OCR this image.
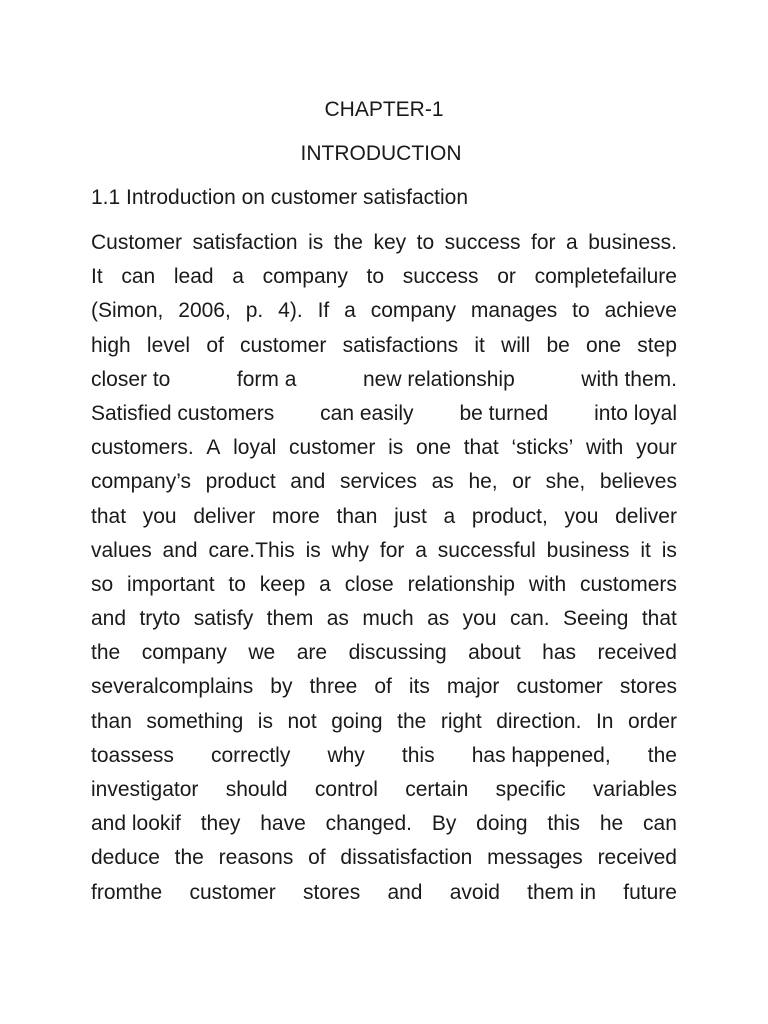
CHAPTER-1
INTRODUCTION
1.1 Introduction on customer satisfaction
Customer satisfaction is the key to success for a business.
It can lead a company to success or completefailure
(Simon, 2006, p. 4). If a company manages to achieve
high level of customer satisfactions it will be one step
closer to	form a	new relationship	with them.
Satisfied customers can easily be turned into loyal
customers. A loyal customer is one that ‘sticks’ with your
company’s product and services as he, or she, believes
that you deliver more than just a product, you deliver
values and care.This is why for a successful business it is
so important to keep a close relationship with customers
and tryto satisfy them as much as you can. Seeing that
the company we are discussing about has received
severalcomplains by three of its major customer stores
than something is not going the right direction. In order
toassess correctly why this has happened, the
investigator should control certain specific variables
and lookif they have changed. By doing this he can
deduce the reasons of dissatisfaction messages received
fromthe customer stores and avoid them in future
